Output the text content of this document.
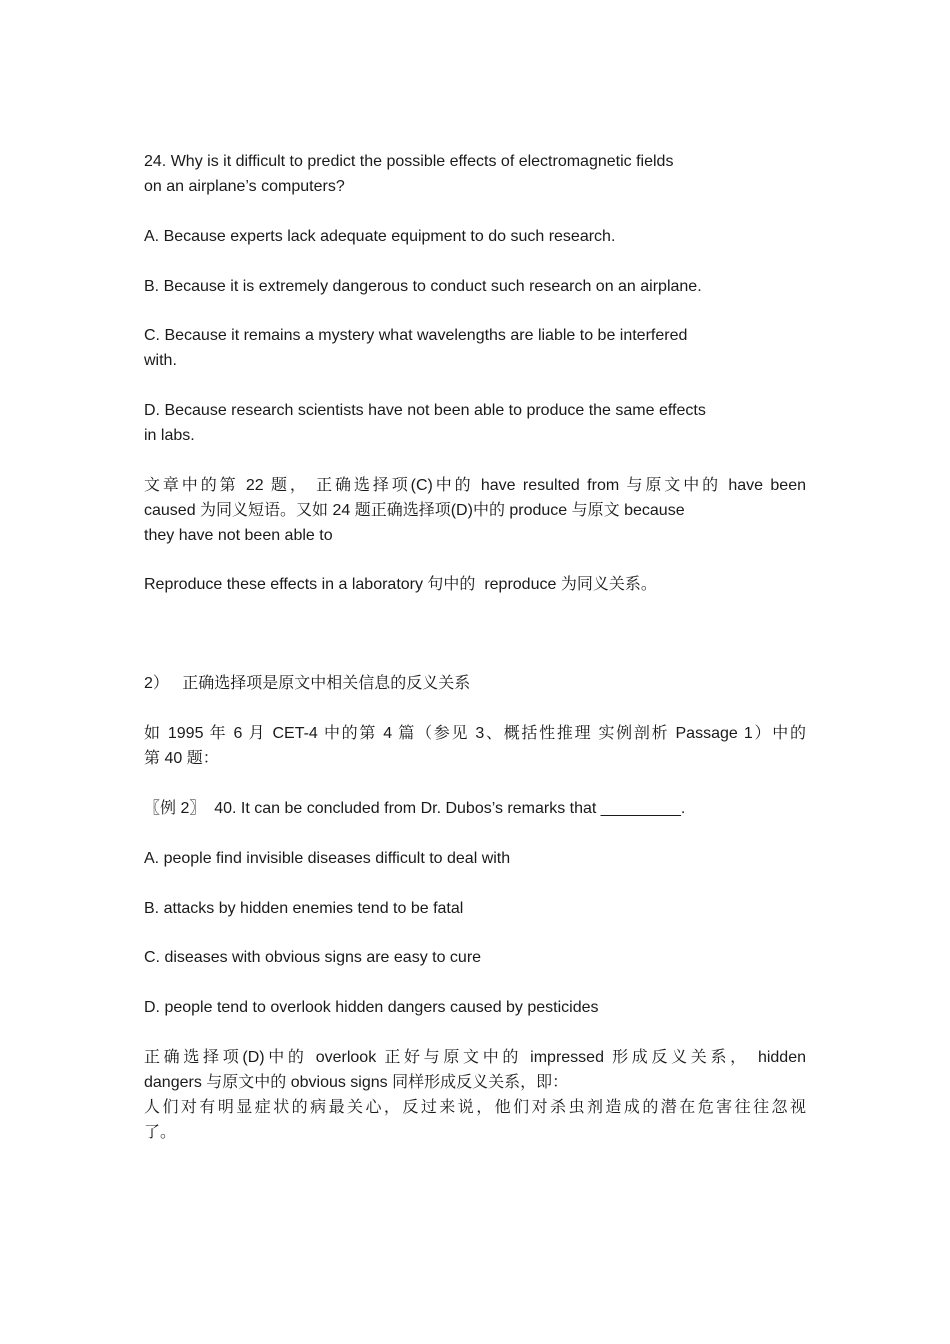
24. Why is it difficult to predict the possible effects of electromagnetic fields
on an airplane’s computers?
A. Because experts lack adequate equipment to do such research.
B. Because it is extremely dangerous to conduct such research on an airplane.
C. Because it remains a mystery what wavelengths are liable to be interfered
with.
D. Because research scientists have not been able to produce the same effects
in labs.
文章中的第 22 题， 正确选择项(C)中的 have resulted from 与原文中的 have been
caused 为同义短语。又如 24 题正确选择项(D)中的 produce 与原文 because
they have not been able to
Reproduce these effects in a laboratory 句中的  reproduce 为同义关系。
2）   正确选择项是原文中相关信息的反义关系
如 1995 年 6 月 CET-4 中的第 4 篇（参见 3、概括性推理 实例剖析 Passage 1）中的
第 40 题：
〖例 2〗  40. It can be concluded from Dr. Dubos’s remarks that _________.
A. people find invisible diseases difficult to deal with
B. attacks by hidden enemies tend to be fatal
C. diseases with obvious signs are easy to cure
D. people tend to overlook hidden dangers caused by pesticides
正确选择项(D)中的 overlook 正好与原文中的 impressed 形成反义关系， hidden
dangers 与原文中的 obvious signs 同样形成反义关系，即：
人们对有明显症状的病最关心，反过来说，他们对杀虫剂造成的潜在危害往往忽视
了。
